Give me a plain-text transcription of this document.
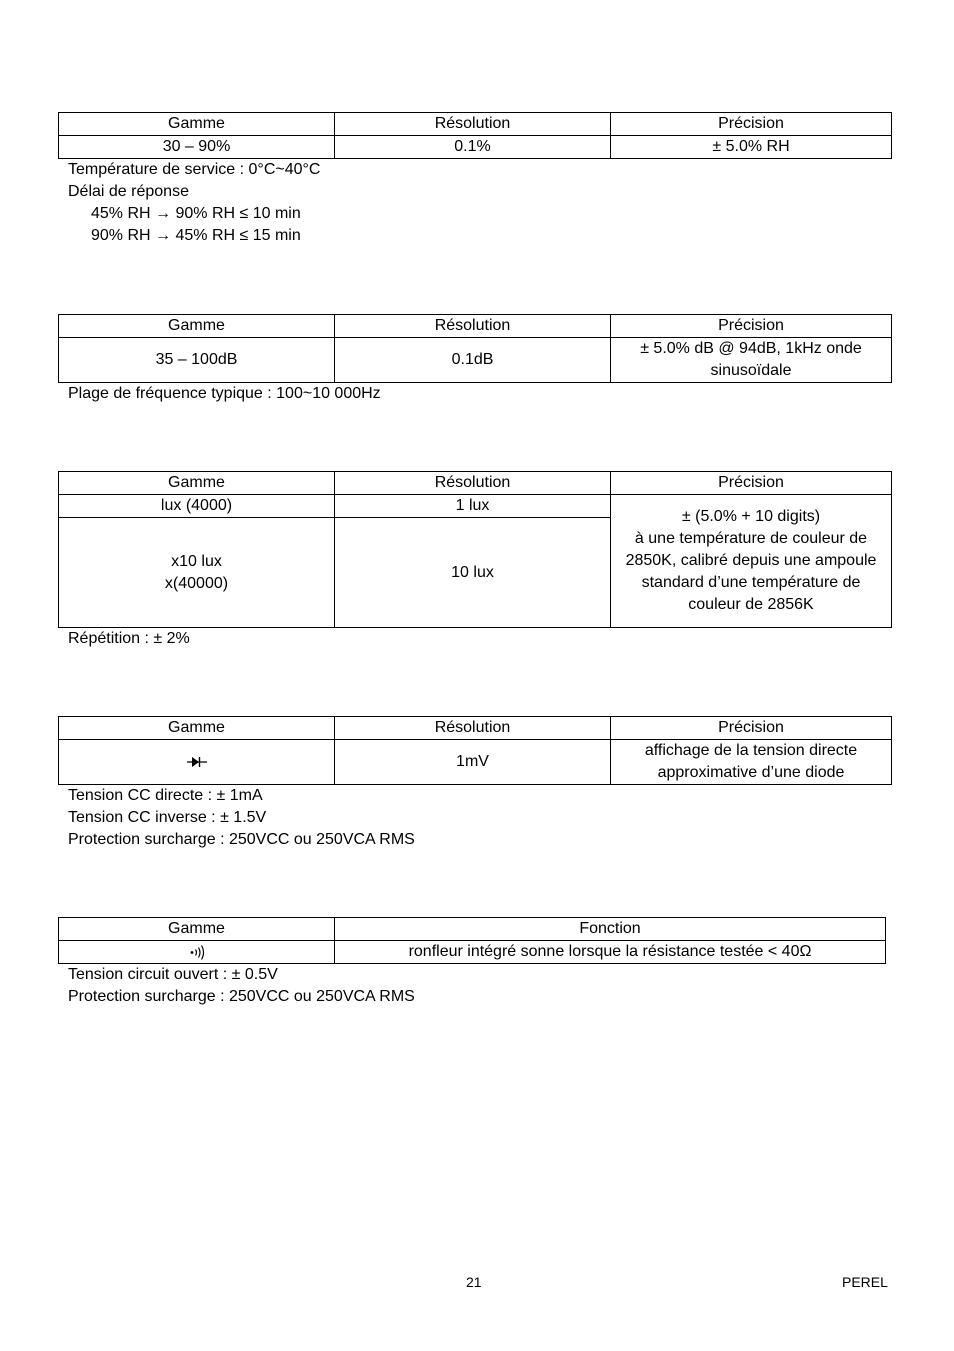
Gamme	Résolution	Précision
30 – 90%	0.1%	± 5.0% RH
Température de service : 0°C~40°C
Délai de réponse
45% RH → 90% RH ≤ 10 min
90% RH → 45% RH ≤ 15 min
Gamme	Résolution	Précision
35 – 100dB	0.1dB	± 5.0% dB @ 94dB, 1kHz onde
sinusoïdale
Plage de fréquence typique : 100~10 000Hz
Gamme	Résolution	Précision
lux (4000)	1 lux	± (5.0% + 10 digits)
à une température de couleur de
2850K, calibré depuis une ampoule
standard d’une température de
couleur de 2856K

x10 lux
x(40000)	10 lux	
Répétition : ± 2%
Gamme	Résolution	Précision
	1mV	affichage de la tension directe
approximative d’une diode
Tension CC directe : ± 1mA
Tension CC inverse : ± 1.5V
Protection surcharge : 250VCC ou 250VCA RMS
Gamme	Fonction
	ronfleur intégré sonne lorsque la résistance testée < 40Ω
Tension circuit ouvert : ± 0.5V
Protection surcharge : 250VCC ou 250VCA RMS
21	PEREL
